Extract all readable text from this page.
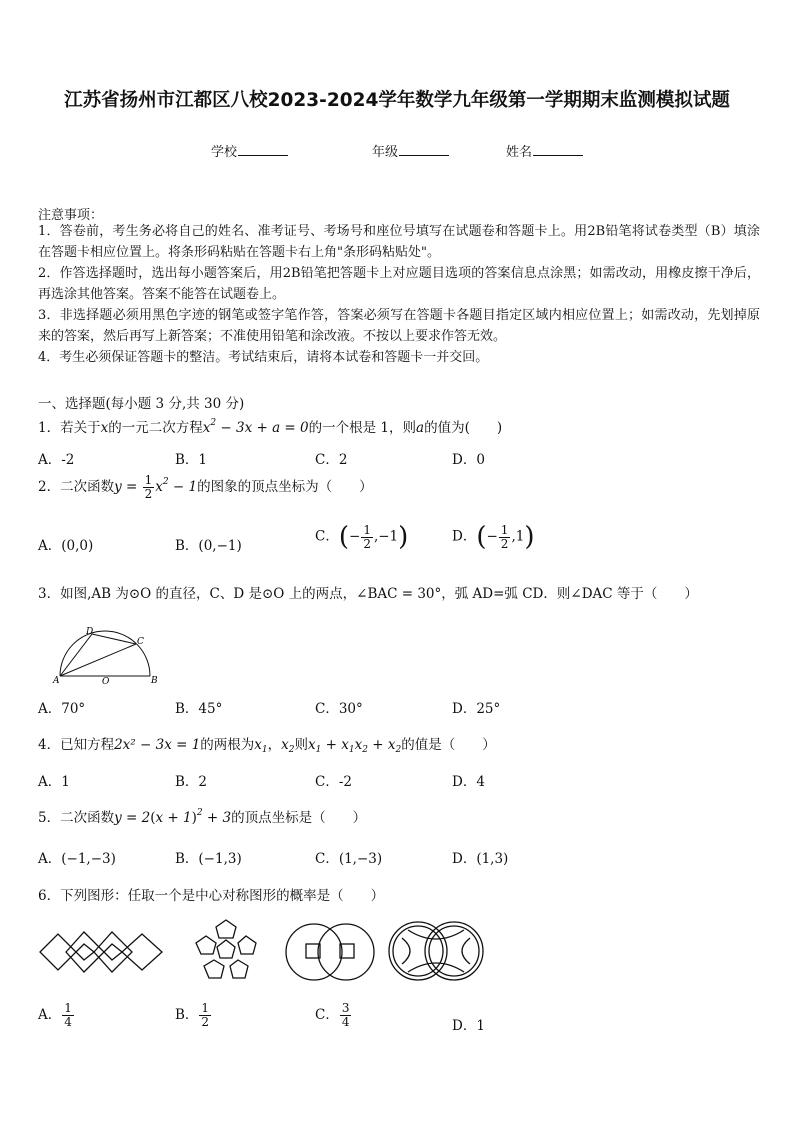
江苏省扬州市江都区八校2023-2024学年数学九年级第一学期期末监测模拟试题
学校	年级	姓名
注意事项：
1．答卷前，考生务必将自己的姓名、准考证号、考场号和座位号填写在试题卷和答题卡上。用2B铅笔将试卷类型（B）填涂在答题卡相应位置上。将条形码粘贴在答题卡右上角"条形码粘贴处"。
2．作答选择题时，选出每小题答案后，用2B铅笔把答题卡上对应题目选项的答案信息点涂黑；如需改动，用橡皮擦干净后，再选涂其他答案。答案不能答在试题卷上。
3．非选择题必须用黑色字迹的钢笔或签字笔作答，答案必须写在答题卡各题目指定区域内相应位置上；如需改动，先划掉原来的答案，然后再写上新答案；不准使用铅笔和涂改液。不按以上要求作答无效。
4．考生必须保证答题卡的整洁。考试结束后，请将本试卷和答题卡一并交回。
一、选择题(每小题 3 分,共 30 分)
1．若关于x的一元二次方程$x^2 - 3x + a = 0$的一个根是 1，则a的值为(　　)
A．-2	B．1	C．2	D．0
2．二次函数$y = \frac{1}{2} x^2 - 1$的图象的顶点坐标为（　　）
A．(0,0)	B．(0,−1)
C．(− $\frac{1}{2} ,-1$)	D．(− $\frac{1}{2} ,1$)
3．如图,AB 为⊙O 的直径，C、D 是⊙O 上的两点，∠BAC = 30°，弧 AD=弧 CD．则∠DAC 等于（　　）
D
C
A	O	B
A．70°	B．45°	C．30°	D．25°
4．已知方程2x² − 3x = 1的两根为$x_1$，$x_2$则$x_1 + x_1x_2 + x_2$的值是（　　）
A．1	B．2	C．-2	D．4
5．二次函数$y = 2(x + 1)^2 + 3$的顶点坐标是（　　）
A．(−1,−3)	B．(−1,3)	C．(1,−3)	D．(1,3)
6．下列图形：任取一个是中心对称图形的概率是（　　）
A． $\frac{1}{4}$	B． $\frac{1}{2}$	C． $\frac{3}{4}$	D．1
